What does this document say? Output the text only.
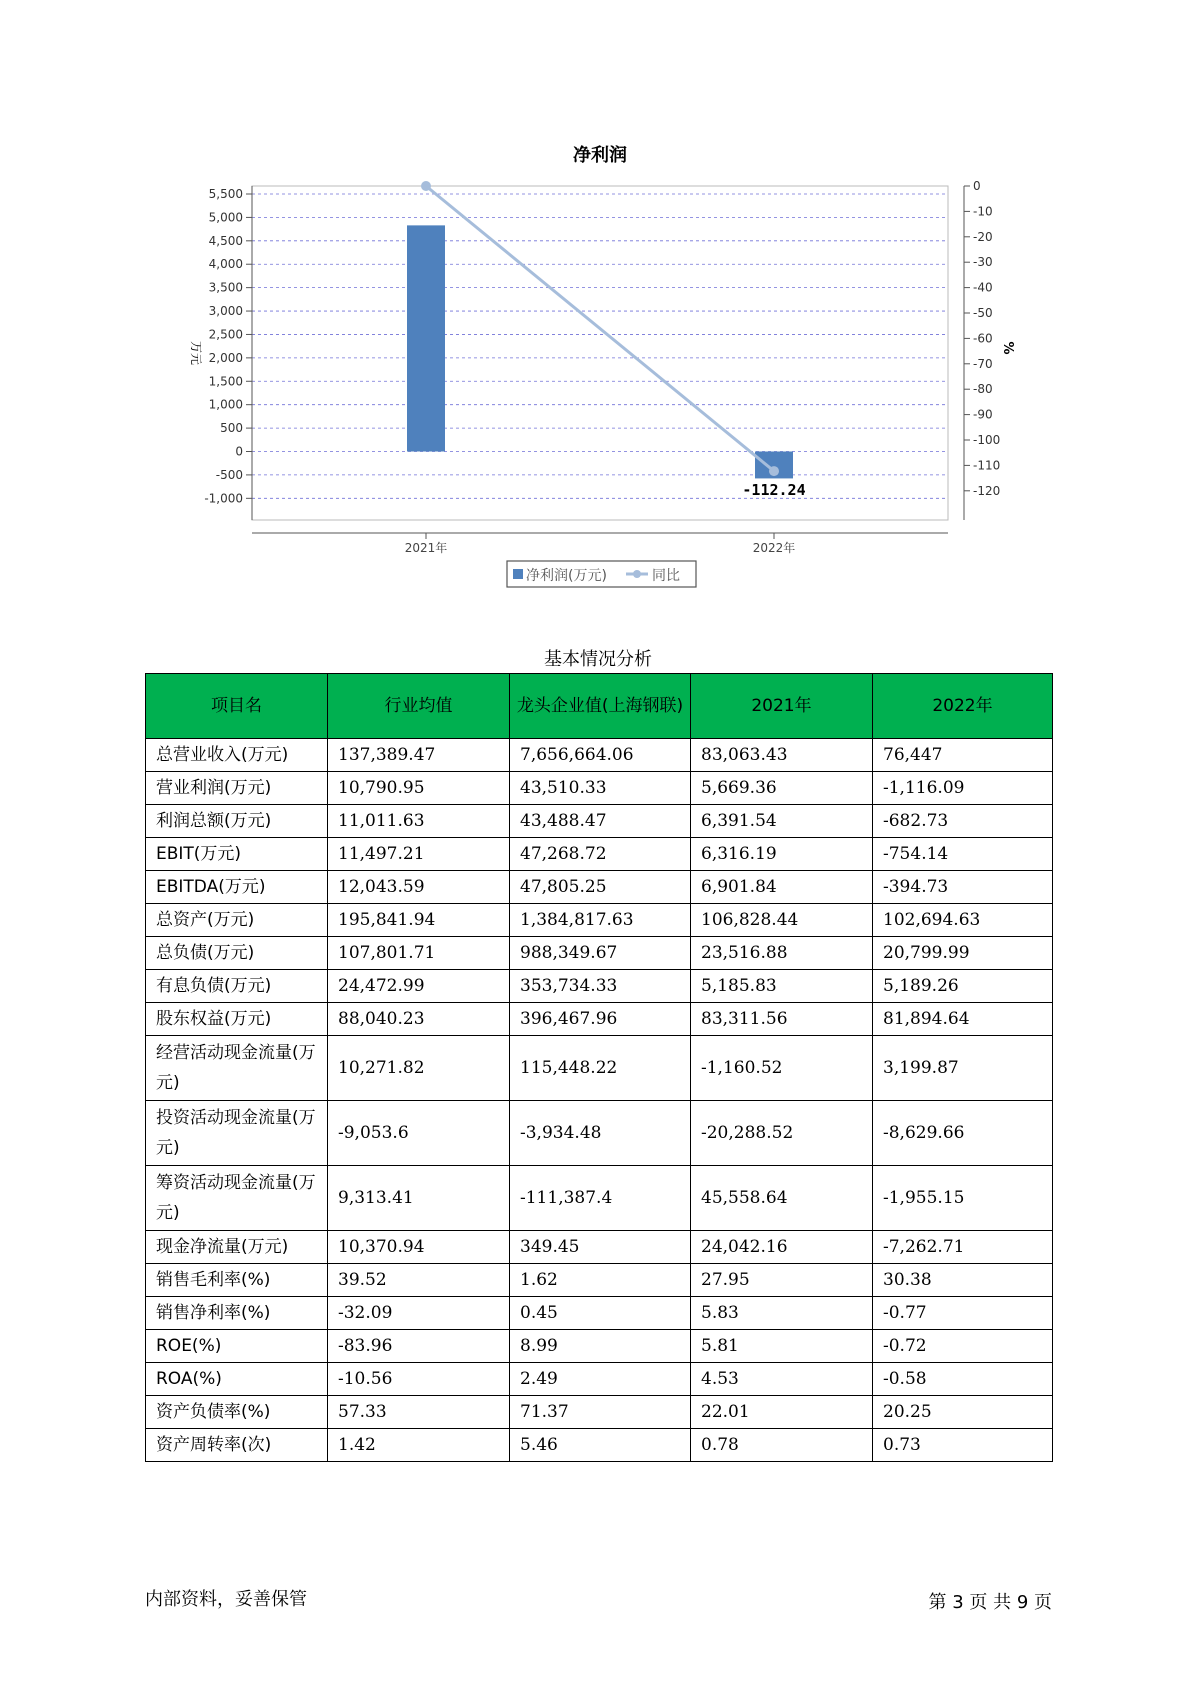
净利润
5,500
5,000
4,500
4,000
3,500
3,000
2,500
2,000
1,500
1,000
500
0
-500
-1,000
0
-10
-20
-30
-40
-50
-60
-70
-80
-90
-100
-110
-120
2021年	2022年
-112.24
万元	%
净利润(万元)	同比
基本情况分析
项目名	行业均值	龙头企业值(上海钢联)	2021年	2022年
总营业收入(万元)	137,389.47	7,656,664.06	83,063.43	76,447
营业利润(万元)	10,790.95	43,510.33	5,669.36	-1,116.09
利润总额(万元)	11,011.63	43,488.47	6,391.54	-682.73
EBIT(万元)	11,497.21	47,268.72	6,316.19	-754.14
EBITDA(万元)	12,043.59	47,805.25	6,901.84	-394.73
总资产(万元)	195,841.94	1,384,817.63	106,828.44	102,694.63
总负债(万元)	107,801.71	988,349.67	23,516.88	20,799.99
有息负债(万元)	24,472.99	353,734.33	5,185.83	5,189.26
股东权益(万元)	88,040.23	396,467.96	83,311.56	81,894.64
经营活动现金流量(万元)	10,271.82	115,448.22	-1,160.52	3,199.87
投资活动现金流量(万元)	-9,053.6	-3,934.48	-20,288.52	-8,629.66
筹资活动现金流量(万元)	9,313.41	-111,387.4	45,558.64	-1,955.15
现金净流量(万元)	10,370.94	349.45	24,042.16	-7,262.71
销售毛利率(%)	39.52	1.62	27.95	30.38
销售净利率(%)	-32.09	0.45	5.83	-0.77
ROE(%)	-83.96	8.99	5.81	-0.72
ROA(%)	-10.56	2.49	4.53	-0.58
资产负债率(%)	57.33	71.37	22.01	20.25
资产周转率(次)	1.42	5.46	0.78	0.73
内部资料，妥善保管	第 3 页 共 9 页
